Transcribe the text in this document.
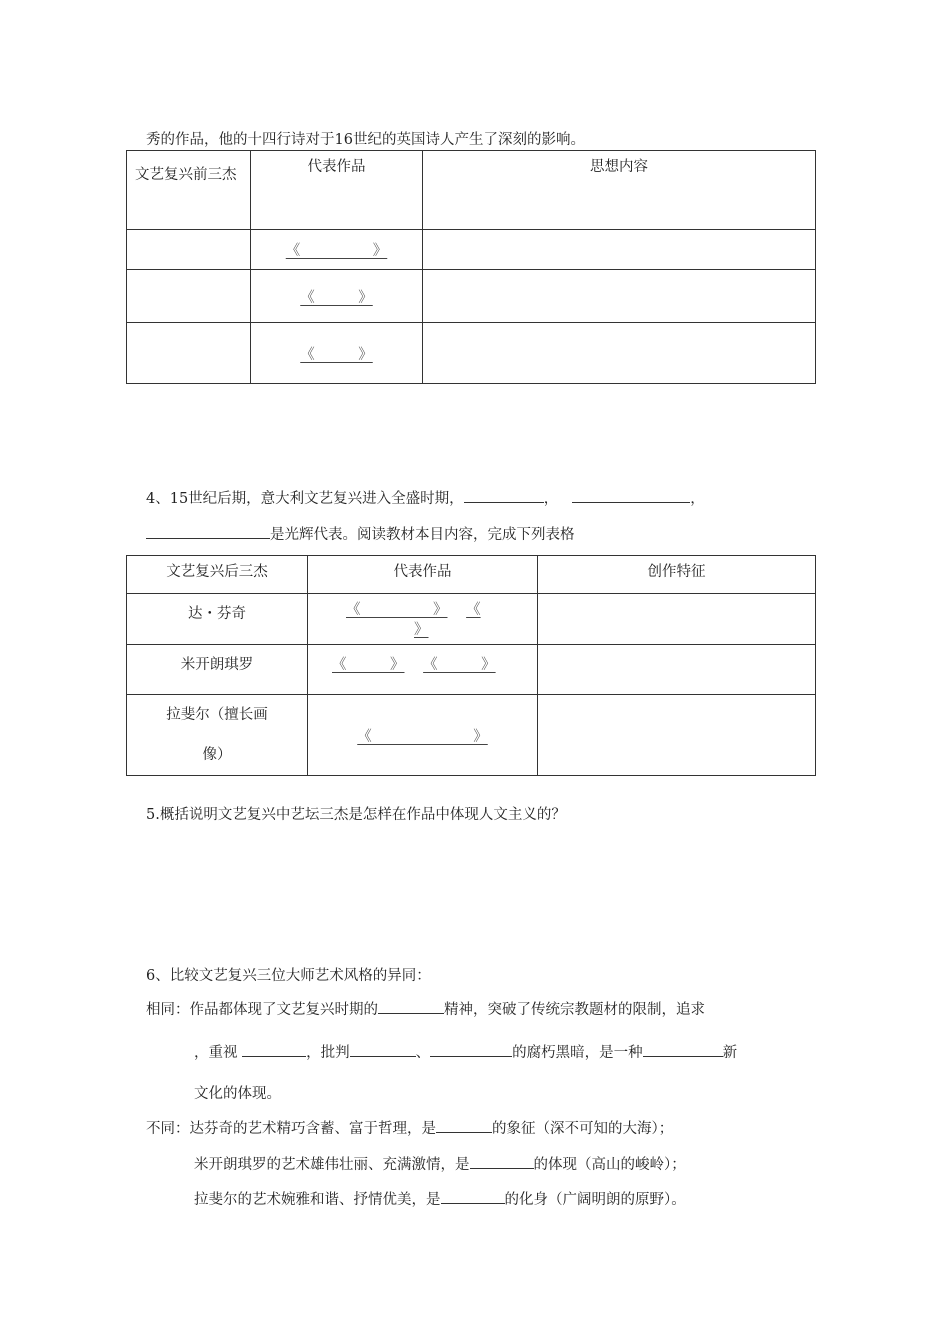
秀的作品，他的十四行诗对于16世纪的英国诗人产生了深刻的影响。
文艺复兴前三杰	代表作品	思想内容
	《　　　　　》	
	《　　　》	
	《　　　》	
4、15世纪后期，意大利文艺复兴进入全盛时期，	，	，
是光辉代表。阅读教材本目内容，完成下列表格
文艺复兴后三杰	代表作品	创作特征
达・芬奇	《　　　　　》 《
》	

米开朗琪罗	《　　　》 《　　　》	

拉斐尔（擅长画
像）	《　　　　　　　》	
5.概括说明文艺复兴中艺坛三杰是怎样在作品中体现人文主义的？
6、比较文艺复兴三位大师艺术风格的异同：
相同：作品都体现了文艺复兴时期的	精神，突破了传统宗教题材的限制，追求
，重视	，批判	、	的腐朽黑暗，是一种	新
文化的体现。
不同：达芬奇的艺术精巧含蓄、富于哲理，是	的象征（深不可知的大海）；
米开朗琪罗的艺术雄伟壮丽、充满激情，是	的体现（高山的峻岭）；
拉斐尔的艺术婉雅和谐、抒情优美，是	的化身（广阔明朗的原野）。
